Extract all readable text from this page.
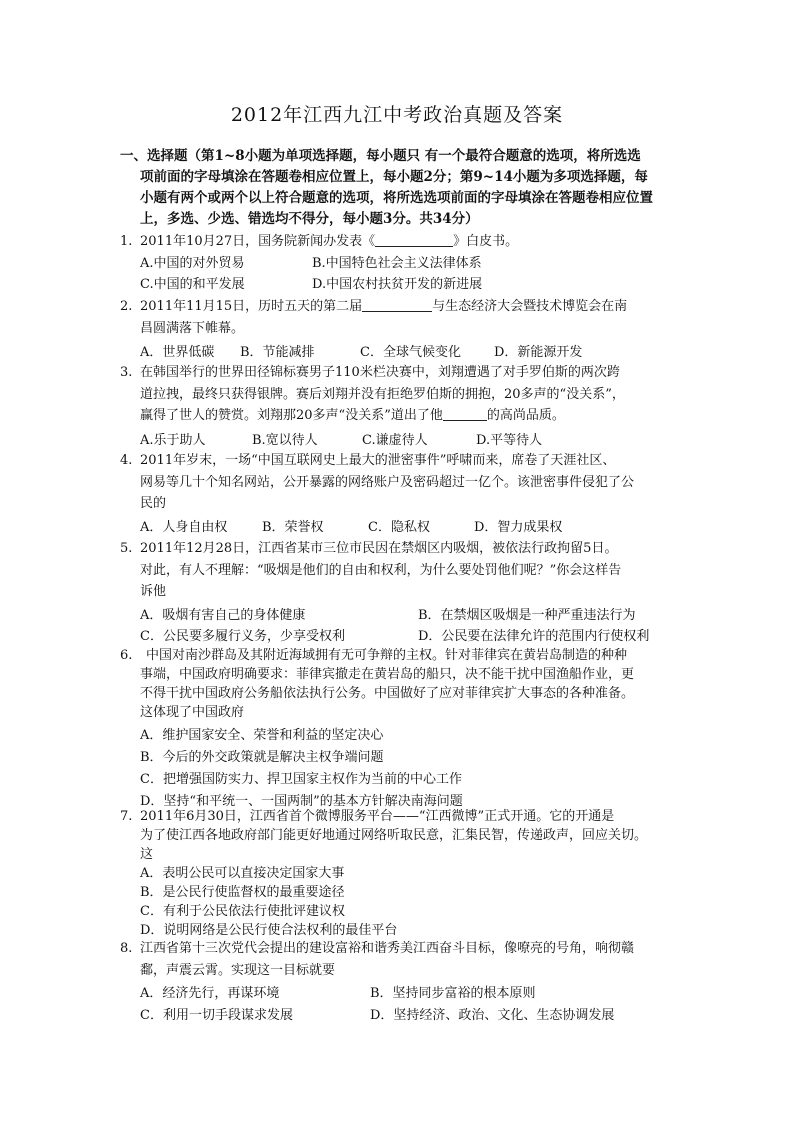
2012年江西九江中考政治真题及答案
一、选择题（第1~8小题为单项选择题，每小题只 有一个最符合题意的选项，将所选选
项前面的字母填涂在答题卷相应位置上，每小题2分；第9~14小题为多项选择题，每
小题有两个或两个以上符合题意的选项，将所选选项前面的字母填涂在答题卷相应位置
上，多选、少选、错选均不得分，每小题3分。共34分）
1. 2011年10月27日，国务院新闻办发表《	》白皮书。
A.中国的对外贸易	B.中国特色社会主义法律体系
C.中国的和平发展	D.中国农村扶贫开发的新进展
2. 2011年11月15日，历时五天的第二届	与生态经济大会暨技术博览会在南
昌圆满落下帷幕。
A．世界低碳	B．节能减排	C．全球气候变化	D．新能源开发
3. 在韩国举行的世界田径锦标赛男子110米栏决赛中，刘翔遭遇了对手罗伯斯的两次跨
道拉拽，最终只获得银牌。赛后刘翔并没有拒绝罗伯斯的拥抱，20多声的“没关系”，
赢得了世人的赞赏。刘翔那20多声“没关系”道出了他	的高尚品质。
A.乐于助人	B.宽以待人	C.谦虚待人	D.平等待人
4. 2011年岁末，一场“中国互联网史上最大的泄密事件”呼啸而来，席卷了天涯社区、
网易等几十个知名网站，公开暴露的网络账户及密码超过一亿个。该泄密事件侵犯了公
民的
A．人身自由权	B．荣誉权	C．隐私权	D．智力成果权
5. 2011年12月28日，江西省某市三位市民因在禁烟区内吸烟，被依法行政拘留5日。
对此，有人不理解：“吸烟是他们的自由和权利，为什么要处罚他们呢？”你会这样告
诉他
A．吸烟有害自己的身体健康	B．在禁烟区吸烟是一种严重违法行为
C．公民要多履行义务，少享受权利	D．公民要在法律允许的范围内行使权利
6. 中国对南沙群岛及其附近海域拥有无可争辩的主权。针对菲律宾在黄岩岛制造的种种
事端，中国政府明确要求：菲律宾撤走在黄岩岛的船只，决不能干扰中国渔船作业，更
不得干扰中国政府公务船依法执行公务。中国做好了应对菲律宾扩大事态的各种准备。
这体现了中国政府
A．维护国家安全、荣誉和利益的坚定决心
B．今后的外交政策就是解决主权争端问题
C．把增强国防实力、捍卫国家主权作为当前的中心工作
D．坚持“和平统一、一国两制”的基本方针解决南海问题
7. 2011年6月30日，江西省首个微博服务平台——“江西微博”正式开通。它的开通是
为了使江西各地政府部门能更好地通过网络听取民意，汇集民智，传递政声，回应关切。
这
A．表明公民可以直接决定国家大事
B．是公民行使监督权的最重要途径
C．有利于公民依法行使批评建议权
D．说明网络是公民行使合法权利的最佳平台
8. 江西省第十三次党代会提出的建设富裕和谐秀美江西奋斗目标，像嘹亮的号角，响彻赣
鄱，声震云霄。实现这一目标就要
A．经济先行，再谋环境	B．坚持同步富裕的根本原则
C．利用一切手段谋求发展	D．坚持经济、政治、文化、生态协调发展
